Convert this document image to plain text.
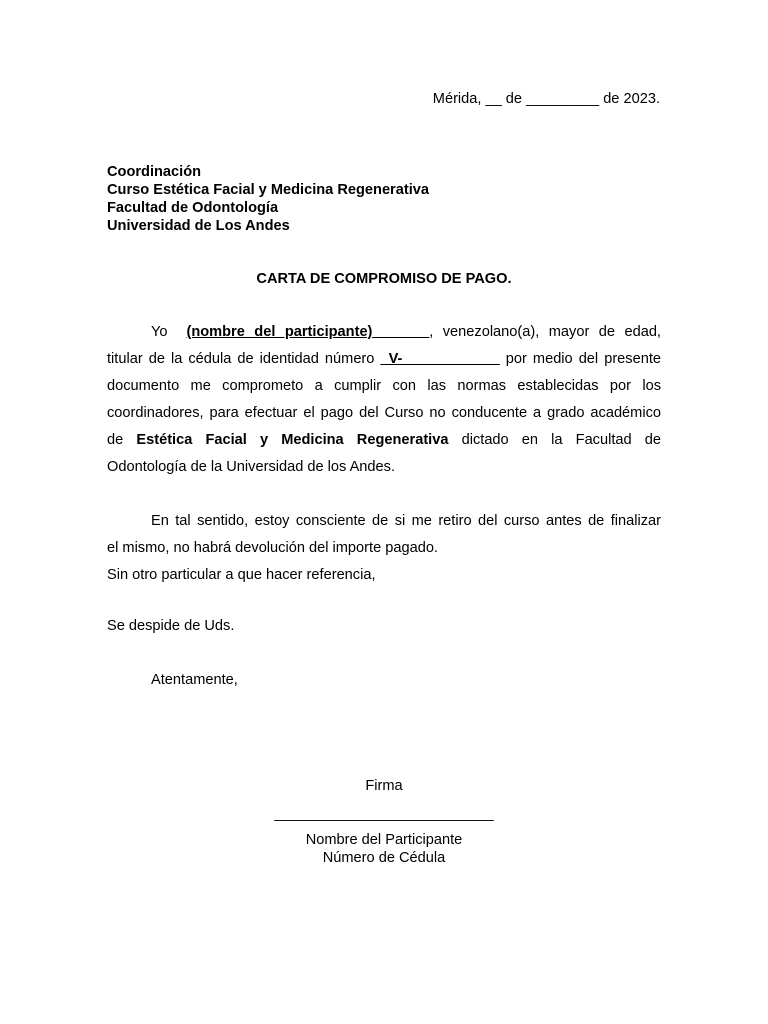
Mérida, __ de _________ de 2023.
Coordinación
Curso Estética Facial y Medicina Regenerativa
Facultad de Odontología
Universidad de Los Andes
CARTA DE COMPROMISO DE PAGO.
Yo (nombre del participante)_______, venezolano(a), mayor de edad,
titular de la cédula de identidad número _V-____________ por medio del presente
documento me comprometo a cumplir con las normas establecidas por los
coordinadores, para efectuar el pago del Curso no conducente a grado académico
de Estética Facial y Medicina Regenerativa dictado en la Facultad de
Odontología de la Universidad de los Andes.
En tal sentido, estoy consciente de si me retiro del curso antes de finalizar
el mismo, no habrá devolución del importe pagado.
Sin otro particular a que hacer referencia,
Se despide de Uds.
Atentamente,
Firma
___________________________
Nombre del Participante
Número de Cédula
